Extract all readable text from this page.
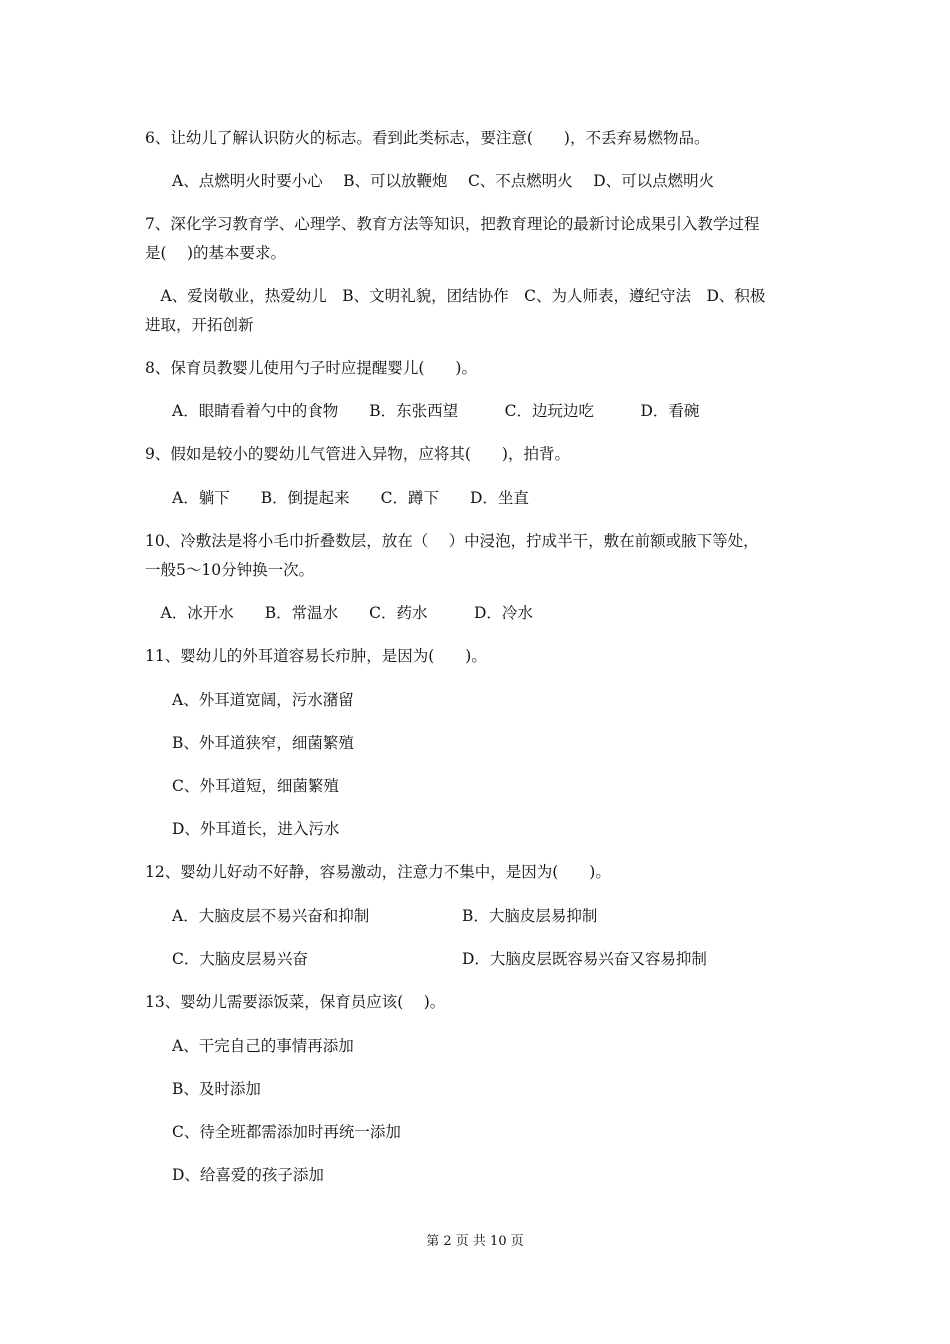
6、让幼儿了解认识防火的标志。看到此类标志，要注意(　　)，不丢弃易燃物品。
A、点燃明火时要小心　 B、可以放鞭炮　 C、不点燃明火　 D、可以点燃明火
7、深化学习教育学、心理学、教育方法等知识，把教育理论的最新讨论成果引入教学过程
是(　 )的基本要求。
　A、爱岗敬业，热爱幼儿　B、文明礼貌，团结协作　C、为人师表，遵纪守法　D、积极
进取，开拓创新
8、保育员教婴儿使用勺子时应提醒婴儿(　　)。
A．眼睛看着勺中的食物　　B．东张西望　　　C．边玩边吃　　　D．看碗
9、假如是较小的婴幼儿气管进入异物，应将其(　　)，拍背。
A．躺下　　B．倒提起来　　C．蹲下　　D．坐直
10、冷敷法是将小毛巾折叠数层，放在（　 ）中浸泡，拧成半干，敷在前额或腋下等处，
一般5～10分钟换一次。
　A．冰开水　　B．常温水　　C．药水　　　D．冷水
11、婴幼儿的外耳道容易长疖肿，是因为(　　)。
A、外耳道宽阔，污水潴留
B、外耳道狭窄，细菌繁殖
C、外耳道短，细菌繁殖
D、外耳道长，进入污水
12、婴幼儿好动不好静，容易激动，注意力不集中，是因为(　　)。
A．大脑皮层不易兴奋和抑制	B．大脑皮层易抑制
C．大脑皮层易兴奋	D．大脑皮层既容易兴奋又容易抑制
13、婴幼儿需要添饭菜，保育员应该(　 )。
A、干完自己的事情再添加
B、及时添加
C、待全班都需添加时再统一添加
D、给喜爱的孩子添加
第 2 页 共 10 页
